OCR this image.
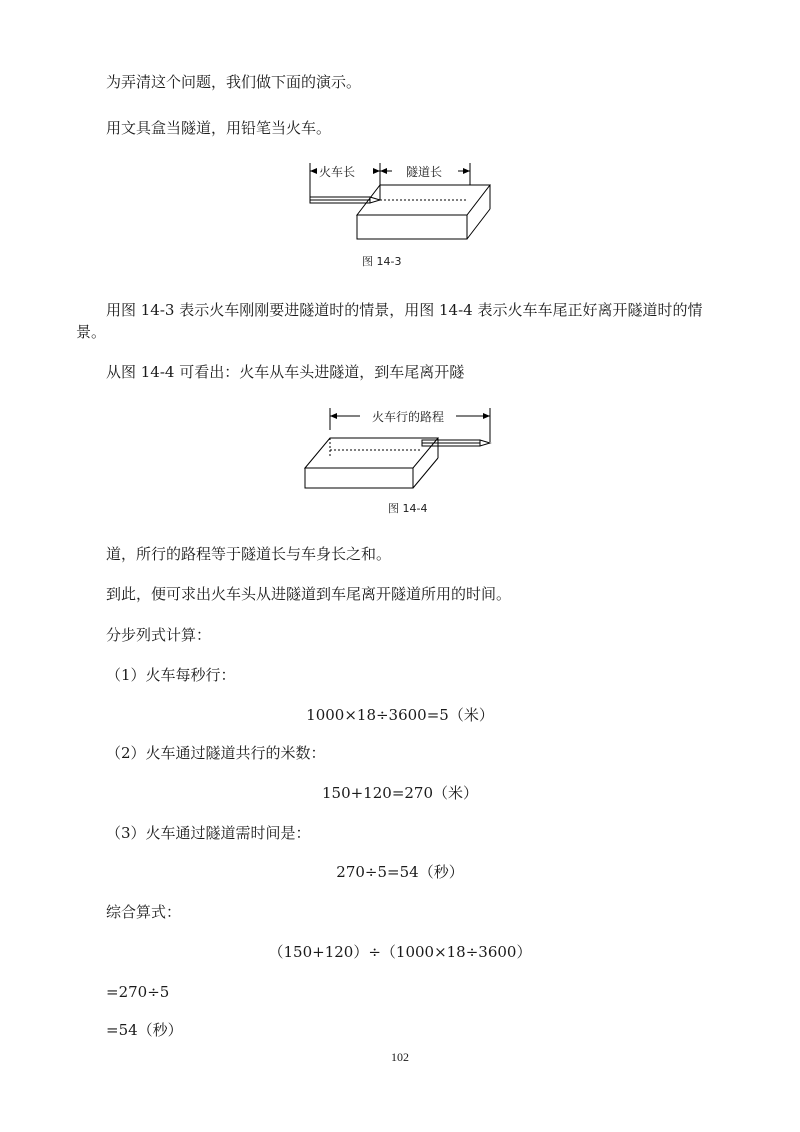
为弄清这个问题，我们做下面的演示。
用文具盒当隧道，用铅笔当火车。
火车长	隧道长
图 14-3
用图 14-3 表示火车刚刚要进隧道时的情景，用图 14-4 表示火车车尾正好离开隧道时的情
景。
从图 14-4 可看出：火车从车头进隧道，到车尾离开隧
火车行的路程
图 14-4
道，所行的路程等于隧道长与车身长之和。
到此，便可求出火车头从进隧道到车尾离开隧道所用的时间。
分步列式计算：
（1）火车每秒行：
1000×18÷3600=5（米）
（2）火车通过隧道共行的米数：
150+120=270（米）
（3）火车通过隧道需时间是：
270÷5=54（秒）
综合算式：
（150+120）÷（1000×18÷3600）
=270÷5
=54（秒）
102
